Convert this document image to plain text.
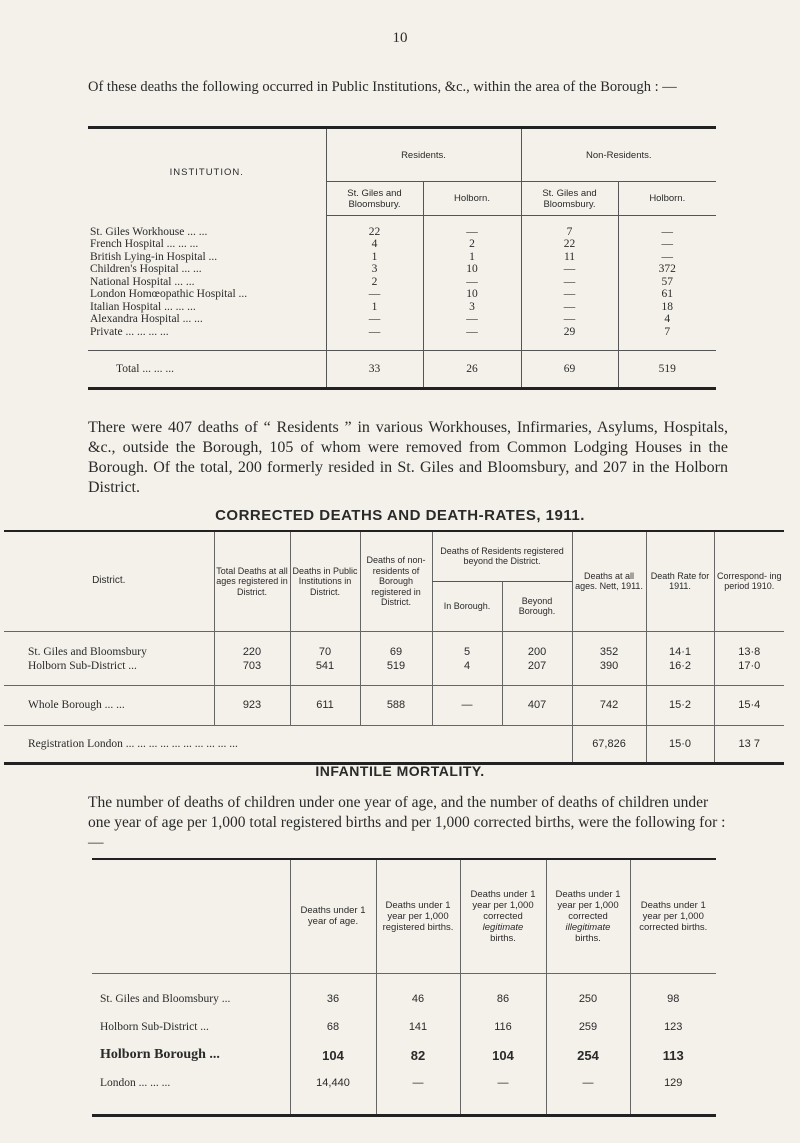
10
Of these deaths the following occurred in Public Institutions, &c., within the area of the Borough : —
INSTITUTION.	Residents.		Non-Residents.	
	St. Giles and Bloomsbury.	Holborn.	St. Giles and Bloomsbury.	Holborn.

St. Giles Workhouse ... ...	22	—	7	—
French Hospital ... ... ...	4	2	22	—
British Lying-in Hospital ...	1	1	11	—
Children's Hospital ... ...	3	10	—	372
National Hospital ... ...	2	—	—	57
London Homœopathic Hospital ...	—	10	—	61
Italian Hospital ... ... ...	1	3	—	18
Alexandra Hospital ... ...	—	—	—	4
Private ... ... ... ...	—	—	29	7

Total ... ... ...	33	26	69	519
There were 407 deaths of “ Residents ” in various Workhouses, Infirmaries, Asylums, Hospitals, &c., outside the Borough, 105 of whom were removed from Common Lodging Houses in the Borough. Of the total, 200 formerly resided in St. Giles and Bloomsbury, and 207 in the Holborn District.
CORRECTED DEATHS AND DEATH-RATES, 1911.
District.	Total Deaths at all ages registered in District.	Deaths in Public Institutions in District.	Deaths of non-residents of Borough registered in District.	Deaths of Residents registered beyond the District.		Deaths at all ages. Nett, 1911.	Death Rate for 1911.	Correspond- ing period 1910.
				In Borough.	Beyond Borough.			

St. Giles and Bloomsbury	220	70	69	5	200	352	14·1	13·8
Holborn Sub-District ...	703	541	519	4	207	390	16·2	17·0

Whole Borough ... ...	923	611	588	—	407	742	15·2	15·4
Registration London ... ... ... ... ... ... ... ... ... ...						67,826	15·0	13 7
INFANTILE MORTALITY.
The number of deaths of children under one year of age, and the number of deaths of children under one year of age per 1,000 total registered births and per 1,000 corrected births, were the following for :—

	Deaths under 1 year of age.	Deaths under 1 year per 1,000 registered births.	Deaths under 1 year per 1,000 corrected
legitimate
births.	Deaths under 1 year per 1,000 corrected
illegitimate
births.	Deaths under 1 year per 1,000 corrected births.

St. Giles and Bloomsbury ...	36	46	86	250	98
Holborn Sub-District ...	68	141	116	259	123
Holborn Borough ...	104	82	104	254	113
London ... ... ...	14,440	—	—	—	129
